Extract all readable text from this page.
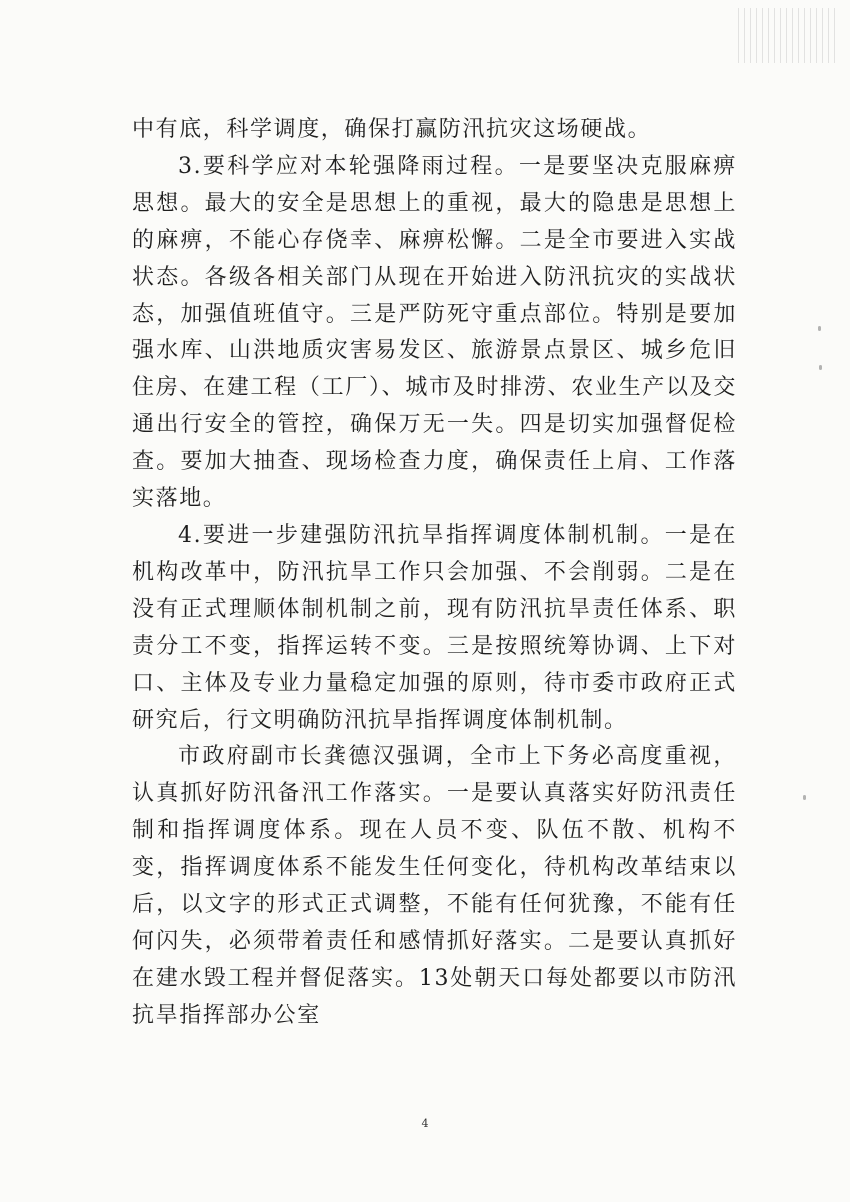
中有底，科学调度，确保打赢防汛抗灾这场硬战。

3.要科学应对本轮强降雨过程。一是要坚决克服麻痹思想。最大的安全是思想上的重视，最大的隐患是思想上的麻痹，不能心存侥幸、麻痹松懈。二是全市要进入实战状态。各级各相关部门从现在开始进入防汛抗灾的实战状态，加强值班值守。三是严防死守重点部位。特别是要加强水库、山洪地质灾害易发区、旅游景点景区、城乡危旧住房、在建工程（工厂）、城市及时排涝、农业生产以及交通出行安全的管控，确保万无一失。四是切实加强督促检查。要加大抽查、现场检查力度，确保责任上肩、工作落实落地。

4.要进一步建强防汛抗旱指挥调度体制机制。一是在机构改革中，防汛抗旱工作只会加强、不会削弱。二是在没有正式理顺体制机制之前，现有防汛抗旱责任体系、职责分工不变，指挥运转不变。三是按照统筹协调、上下对口、主体及专业力量稳定加强的原则，待市委市政府正式研究后，行文明确防汛抗旱指挥调度体制机制。

市政府副市长龚德汉强调，全市上下务必高度重视，认真抓好防汛备汛工作落实。一是要认真落实好防汛责任制和指挥调度体系。现在人员不变、队伍不散、机构不变，指挥调度体系不能发生任何变化，待机构改革结束以后，以文字的形式正式调整，不能有任何犹豫，不能有任何闪失，必须带着责任和感情抓好落实。二是要认真抓好在建水毁工程并督促落实。13处朝天口每处都要以市防汛抗旱指挥部办公室

4
